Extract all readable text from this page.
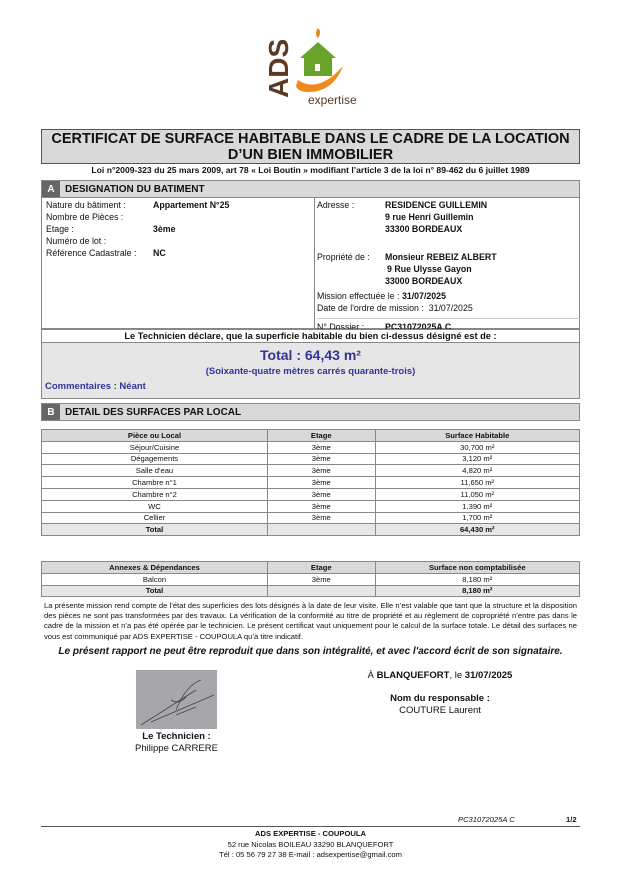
ADS
expertise
CERTIFICAT DE SURFACE HABITABLE DANS LE CADRE DE LA LOCATION
D’UN BIEN IMMOBILIER
Loi n°2009-323 du 25 mars 2009, art 78 « Loi Boutin » modifiant l’article 3 de la loi n° 89-462 du 6 juillet 1989
A	DESIGNATION DU BATIMENT
Nature du bâtiment :	Appartement N°25
Nombre de Pièces :
Etage :	3ème
Numéro de lot :
Référence Cadastrale :	NC
Adresse :	RESIDENCE GUILLEMIN
9 rue Henri Guillemin
33300 BORDEAUX
Propriété de :	Monsieur REBEIZ ALBERT
9 Rue Ulysse Gayon
33000 BORDEAUX
Mission effectuée le :
31/07/2025
Date de l'ordre de mission :
31/07/2025
N° Dossier :	PC31072025A C
Le Technicien déclare, que la superficie habitable du bien ci-dessus désigné est de :
Total : 64,43 m²
(Soixante-quatre mètres carrés quarante-trois)
Commentaires : Néant
B	DETAIL DES SURFACES PAR LOCAL
Pièce ou Local	Etage	Surface Habitable
Séjour/Cuisine	3ème	30,700 m²
Dégagements	3ème	3,120 m²
Salle d'eau	3ème	4,820 m²
Chambre n°1	3ème	11,650 m²
Chambre n°2	3ème	11,050 m²
WC	3ème	1,390 m²
Cellier	3ème	1,700 m²
Total		64,430 m²
Annexes & Dépendances	Etage	Surface non comptabilisée
Balcon	3ème	8,180 m²
Total		8,180 m²
La présente mission rend compte de l’état des superficies des lots désignés à la date de leur visite. Elle n’est valable que tant que la structure et la disposition des pièces ne sont pas transformées par des travaux. La vérification de la conformité au titre de propriété et au règlement de copropriété n’entre pas dans le cadre de la mission et n’a pas été opérée par le technicien. Le présent certificat vaut uniquement pour le calcul de la surface totale. Le détail des surfaces ne vous est communiqué par ADS EXPERTISE - COUPOULA qu’à titre indicatif.
Le présent rapport ne peut être reproduit que dans son intégralité, et avec l'accord écrit de son signataire.
Le Technicien :
Philippe CARRERE
À BLANQUEFORT, le 31/07/2025
Nom du responsable :
COUTURE Laurent
PC31072025A C	1/2
ADS EXPERTISE - COUPOULA
52 rue Nicolas BOILEAU 33290 BLANQUEFORT
Tél : 05 56 79 27 38 E-mail : adsexpertise@gmail.com
